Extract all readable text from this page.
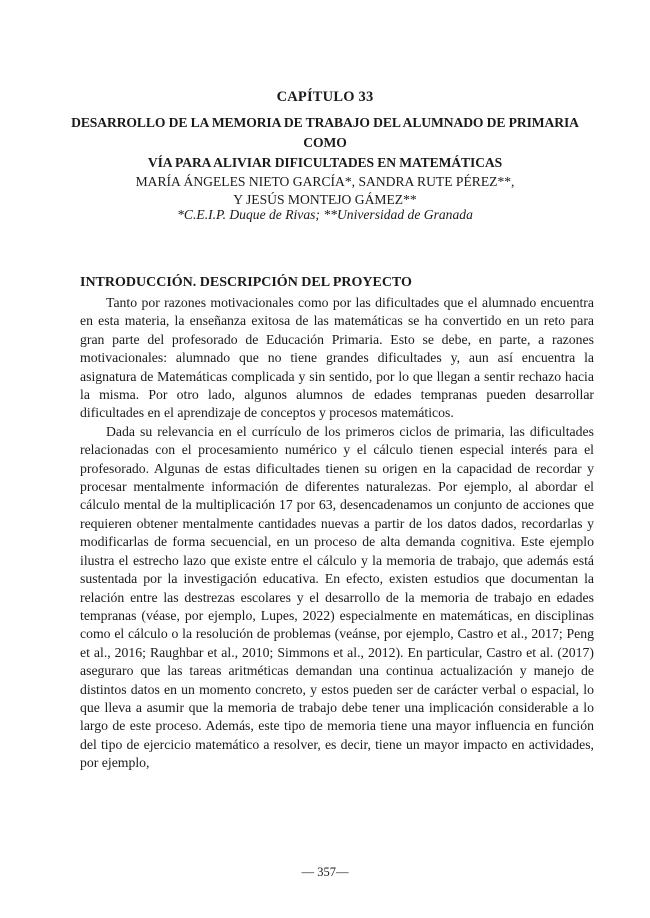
CAPÍTULO 33
DESARROLLO DE LA MEMORIA DE TRABAJO DEL ALUMNADO DE PRIMARIA COMO
VÍA PARA ALIVIAR DIFICULTADES EN MATEMÁTICAS
MARÍA ÁNGELES NIETO GARCÍA*, SANDRA RUTE PÉREZ**,
Y JESÚS MONTEJO GÁMEZ**
*C.E.I.P. Duque de Rivas; **Universidad de Granada
INTRODUCCIÓN. DESCRIPCIÓN DEL PROYECTO

Tanto por razones motivacionales como por las dificultades que el alumnado encuentra en esta materia, la enseñanza exitosa de las matemáticas se ha convertido en un reto para gran parte del profesorado de Educación Primaria. Esto se debe, en parte, a razones motivacionales: alumnado que no tiene grandes dificultades y, aun así encuentra la asignatura de Matemáticas complicada y sin sentido, por lo que llegan a sentir rechazo hacia la misma. Por otro lado, algunos alumnos de edades tempranas pueden desarrollar dificultades en el aprendizaje de conceptos y procesos matemáticos.

Dada su relevancia en el currículo de los primeros ciclos de primaria, las dificultades relacionadas con el procesamiento numérico y el cálculo tienen especial interés para el profesorado. Algunas de estas dificultades tienen su origen en la capacidad de recordar y procesar mentalmente información de diferentes naturalezas. Por ejemplo, al abordar el cálculo mental de la multiplicación 17 por 63, desencadenamos un conjunto de acciones que requieren obtener mentalmente cantidades nuevas a partir de los datos dados, recordarlas y modificarlas de forma secuencial, en un proceso de alta demanda cognitiva. Este ejemplo ilustra el estrecho lazo que existe entre el cálculo y la memoria de trabajo, que además está sustentada por la investigación educativa. En efecto, existen estudios que documentan la relación entre las destrezas escolares y el desarrollo de la memoria de trabajo en edades tempranas (véase, por ejemplo, Lupes, 2022) especialmente en matemáticas, en disciplinas como el cálculo o la resolución de problemas (veánse, por ejemplo, Castro et al., 2017; Peng et al., 2016; Raughbar et al., 2010; Simmons et al., 2012). En particular, Castro et al. (2017) aseguraro que las tareas aritméticas demandan una continua actualización y manejo de distintos datos en un momento concreto, y estos pueden ser de carácter verbal o espacial, lo que lleva a asumir que la memoria de trabajo debe tener una implicación considerable a lo largo de este proceso. Además, este tipo de memoria tiene una mayor influencia en función del tipo de ejercicio matemático a resolver, es decir, tiene un mayor impacto en actividades, por ejemplo,

— 357—
